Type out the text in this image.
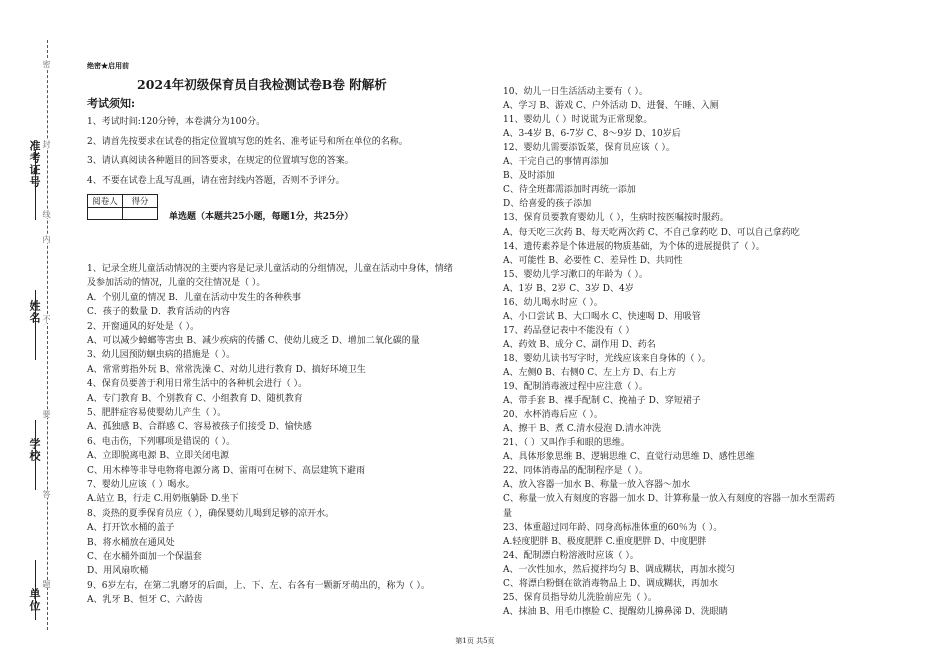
准考证号
姓名
学校
单位
密
封
线
内
不
要
答
题
绝密★启用前
2024年初级保育员自我检测试卷B卷 附解析
考试须知:
1、考试时间:120分钟，本卷满分为100分。
2、请首先按要求在试卷的指定位置填写您的姓名、准考证号和所在单位的名称。
3、请认真阅读各种题目的回答要求，在规定的位置填写您的答案。
4、不要在试卷上乱写乱画，请在密封线内答题，否则不予评分。
阅卷人	得分

单选题（本题共25小题，每题1分，共25分）
1、记录全班儿童活动情况的主要内容是记录儿童活动的分组情况，儿童在活动中身体，情绪
及参加活动的情况，儿童的交往情况是（ ）。
A．个别儿童的情况 B．儿童在活动中发生的各种秩事
C．孩子的数量 D．教育活动的内容
2、开窗通风的好处是（ ）。
A、可以减少蟑螂等害虫 B、减少疾病的传播 C、使幼儿疲乏 D、增加二氧化碳的量
3、幼儿园预防蛔虫病的措施是（ ）。
A、常常剪指外玩 B、常常洗澡 C、对幼儿进行教育 D、搞好环境卫生
4、保育员要善于利用日常生活中的各种机会进行（ ）。
A、专门教育 B、个别教育 C、小组教育 D、随机教育
5、肥胖症容易使婴幼儿产生（ ）。
A、孤独感 B、合群感 C、容易被孩子们接受 D、愉快感
6、电击伤，下列哪项是错误的（ ）。
A、立即脱离电源 B、立即关闭电源
C、用木棒等非导电物将电源分离 D、雷雨可在树下、高层建筑下避雨
7、婴幼儿应该（ ）喝水。
A.站立 B，行走 C.用奶瓶躺卧 D.坐下
8、炎热的夏季保育员应（ ），确保婴幼儿喝到足够的凉开水。
A、打开饮水桶的盖子
B、将水桶放在通风处
C、在水桶外面加一个保温套
D、用风扇吹桶
9、6岁左右，在第二乳磨牙的后面，上、下、左、右各有一颗新牙萌出的，称为（ ）。
A、乳牙 B、恒牙 C、六龄齿
10、幼儿一日生活活动主要有（ ）。
A、学习 B、游戏 C、户外活动 D、进餐、午睡、入厕
11、婴幼儿（ ）时说谎为正常现象。
A、3-4岁 B、6-7岁 C、8～9岁 D、10岁后
12、婴幼儿需要添饭菜，保育员应该（ ）。
A、干完自己的事情再添加
B、及时添加
C、待全班都需添加时再统一添加
D、给喜爱的孩子添加
13、保育员要教育婴幼儿（ ），生病时按医嘱按时服药。
A、每天吃三次药 B、每天吃两次药 C、不自己拿药吃 D、可以自己拿药吃
14、遗传素养是个体进展的物质基础，为个体的进展提供了（ ）。
A、可能性 B、必要性 C、差异性 D、共同性
15、婴幼儿学习漱口的年龄为（ ）。
A、1岁 B、2岁 C、3岁 D、4岁
16、幼儿喝水时应（ ）。
A、小口尝试 B、大口喝水 C、快速喝 D、用吸管
17、药品登记表中不能没有（ ）
A、药效 B、成分 C、副作用 D、药名
18、婴幼儿读书写字时，光线应该来自身体的（ ）。
A、左侧0 B、右侧0 C、左上方 D、右上方
19、配制消毒液过程中应注意（ ）。
A、带手套 B、裸手配制 C、挽袖子 D、穿短裙子
20、水杯消毒后应（ ）。
A、擦干 B、煮 C.清水侵泡 D.清水冲洗
21、（ ）又叫作手和眼的思维。
A、具体形象思维 B、逻辑思维 C、直觉行动思维 D、感性思维
22、同体消毒品的配制程序是（ ）。
A、放入容器一加水 B、称量一放入容器～加水
C、称量一放入有刻度的容器一加水 D、计算称量一放入有刻度的容器一加水至需药
量
23、体重超过同年龄、同身高标准体重的60％为（ ）。
A.轻度肥胖 B、极度肥胖 C.重度肥胖 D、中度肥胖
24、配制漂白粉溶液时应该（ ）。
A、一次性加水，然后搅拌均匀 B、调成糊状，再加水搅匀
C、将漂白粉倒在欲消毒物品上 D、调成糊状，再加水
25、保育员指导幼儿洗脸前应先（ ）。
A、抹油 B、用毛巾擦脸 C、提醒幼儿擤鼻涕 D、洗眼睛
第1页 共5页
